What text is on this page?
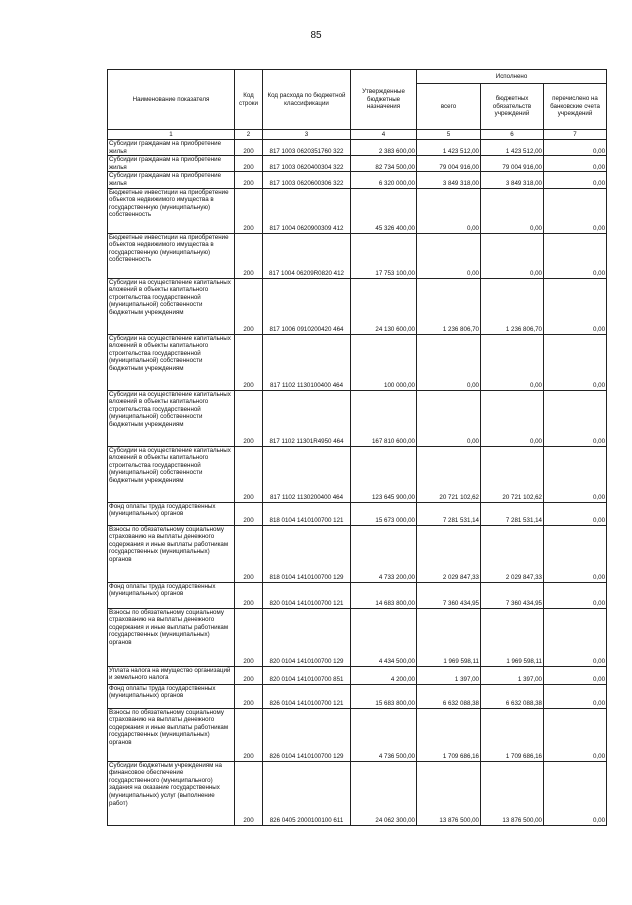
85
Наименование показателя	Код строки	Код расхода по бюджетной классификации	Утвержденные бюджетные назначения	Исполнено		
				всего	бюджетных обязательств учреждений	перечислено на банковские счета учреждений
1	2	3	4	5	6	7
Субсидии гражданам на приобретение жилья	200	817 1003 0620351760 322	2 383 600,00	1 423 512,00	1 423 512,00	0,00
Субсидии гражданам на приобретение жилья	200	817 1003 0620400304 322	82 734 500,00	79 004 916,00	79 004 916,00	0,00
Субсидии гражданам на приобретение жилья	200	817 1003 0620600306 322	6 320 000,00	3 849 318,00	3 849 318,00	0,00
Бюджетные инвестиции на приобретение объектов недвижимого имущества в государственную (муниципальную) собственность	200	817 1004 0620900309 412	45 326 400,00	0,00	0,00	0,00
Бюджетные инвестиции на приобретение объектов недвижимого имущества в государственную (муниципальную) собственность	200	817 1004 06209R0820 412	17 753 100,00	0,00	0,00	0,00
Субсидии на осуществление капитальных вложений в объекты капитального строительства государственной (муниципальной) собственности бюджетным учреждениям	200	817 1006 0910200420 464	24 130 600,00	1 236 806,70	1 236 806,70	0,00
Субсидии на осуществление капитальных вложений в объекты капитального строительства государственной (муниципальной) собственности бюджетным учреждениям	200	817 1102 1130100400 464	100 000,00	0,00	0,00	0,00
Субсидии на осуществление капитальных вложений в объекты капитального строительства государственной (муниципальной) собственности бюджетным учреждениям	200	817 1102 11301R4950 464	167 810 600,00	0,00	0,00	0,00
Субсидии на осуществление капитальных вложений в объекты капитального строительства государственной (муниципальной) собственности бюджетным учреждениям	200	817 1102 1130200400 464	123 645 900,00	20 721 102,62	20 721 102,62	0,00
Фонд оплаты труда государственных (муниципальных) органов	200	818 0104 1410100700 121	15 673 000,00	7 281 531,14	7 281 531,14	0,00
Взносы по обязательному социальному страхованию на выплаты денежного содержания и иные выплаты работникам государственных (муниципальных) органов	200	818 0104 1410100700 129	4 733 200,00	2 029 847,33	2 029 847,33	0,00
Фонд оплаты труда государственных (муниципальных) органов	200	820 0104 1410100700 121	14 683 800,00	7 360 434,95	7 360 434,95	0,00
Взносы по обязательному социальному страхованию на выплаты денежного содержания и иные выплаты работникам государственных (муниципальных) органов	200	820 0104 1410100700 129	4 434 500,00	1 969 598,11	1 969 598,11	0,00
Уплата налога на имущество организаций и земельного налога	200	820 0104 1410100700 851	4 200,00	1 397,00	1 397,00	0,00
Фонд оплаты труда государственных (муниципальных) органов	200	826 0104 1410100700 121	15 683 800,00	6 632 088,38	6 632 088,38	0,00
Взносы по обязательному социальному страхованию на выплаты денежного содержания и иные выплаты работникам государственных (муниципальных) органов	200	826 0104 1410100700 129	4 736 500,00	1 709 686,16	1 709 686,16	0,00
Субсидии бюджетным учреждениям на финансовое обеспечение государственного (муниципального) задания на оказание государственных (муниципальных) услуг (выполнение работ)	200	826 0405 2000100100 611	24 062 300,00	13 876 500,00	13 876 500,00	0,00
